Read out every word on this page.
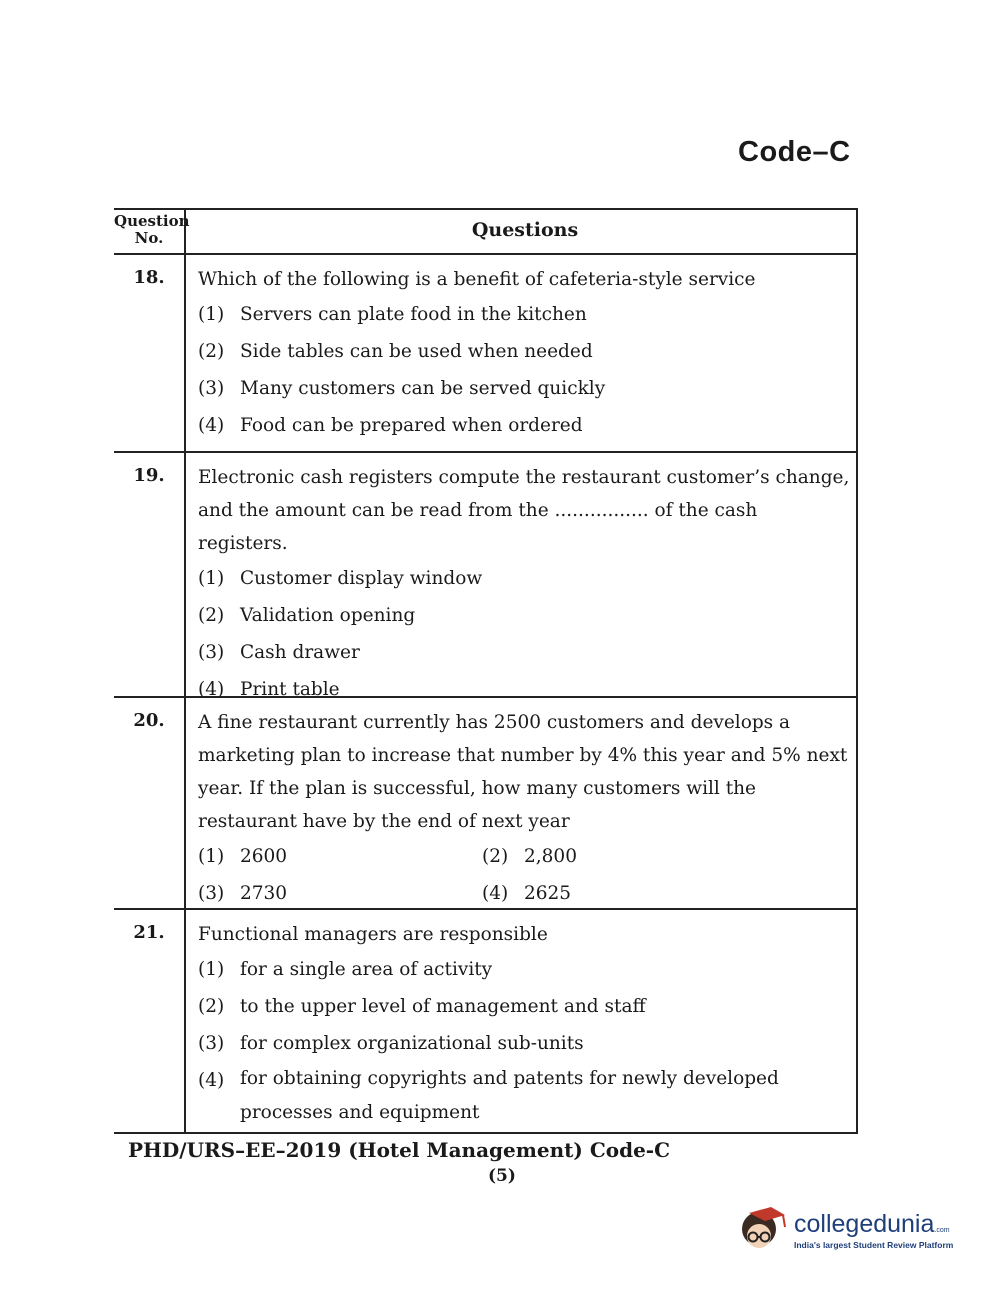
Code–C
Question No.	Questions
18.	Which of the following is a benefit of cafeteria-style service
(1) Servers can plate food in the kitchen
(2) Side tables can be used when needed
(3) Many customers can be served quickly
(4) Food can be prepared when ordered
19.	Electronic cash registers compute the restaurant customer’s change, and the amount can be read from the ................ of the cash registers.
(1) Customer display window
(2) Validation opening
(3) Cash drawer
(4) Print table
20.	A fine restaurant currently has 2500 customers and develops a marketing plan to increase that number by 4% this year and 5% next year. If the plan is successful, how many customers will the restaurant have by the end of next year
(1) 2600	(2) 2,800
(3) 2730	(4) 2625
21.	Functional managers are responsible
(1) for a single area of activity
(2) to the upper level of management and staff
(3) for complex organizational sub-units
(4) for obtaining copyrights and patents for newly developed processes and equipment
PHD/URS–EE–2019 (Hotel Management) Code-C
(5)
collegedunia.com
India's largest Student Review Platform
